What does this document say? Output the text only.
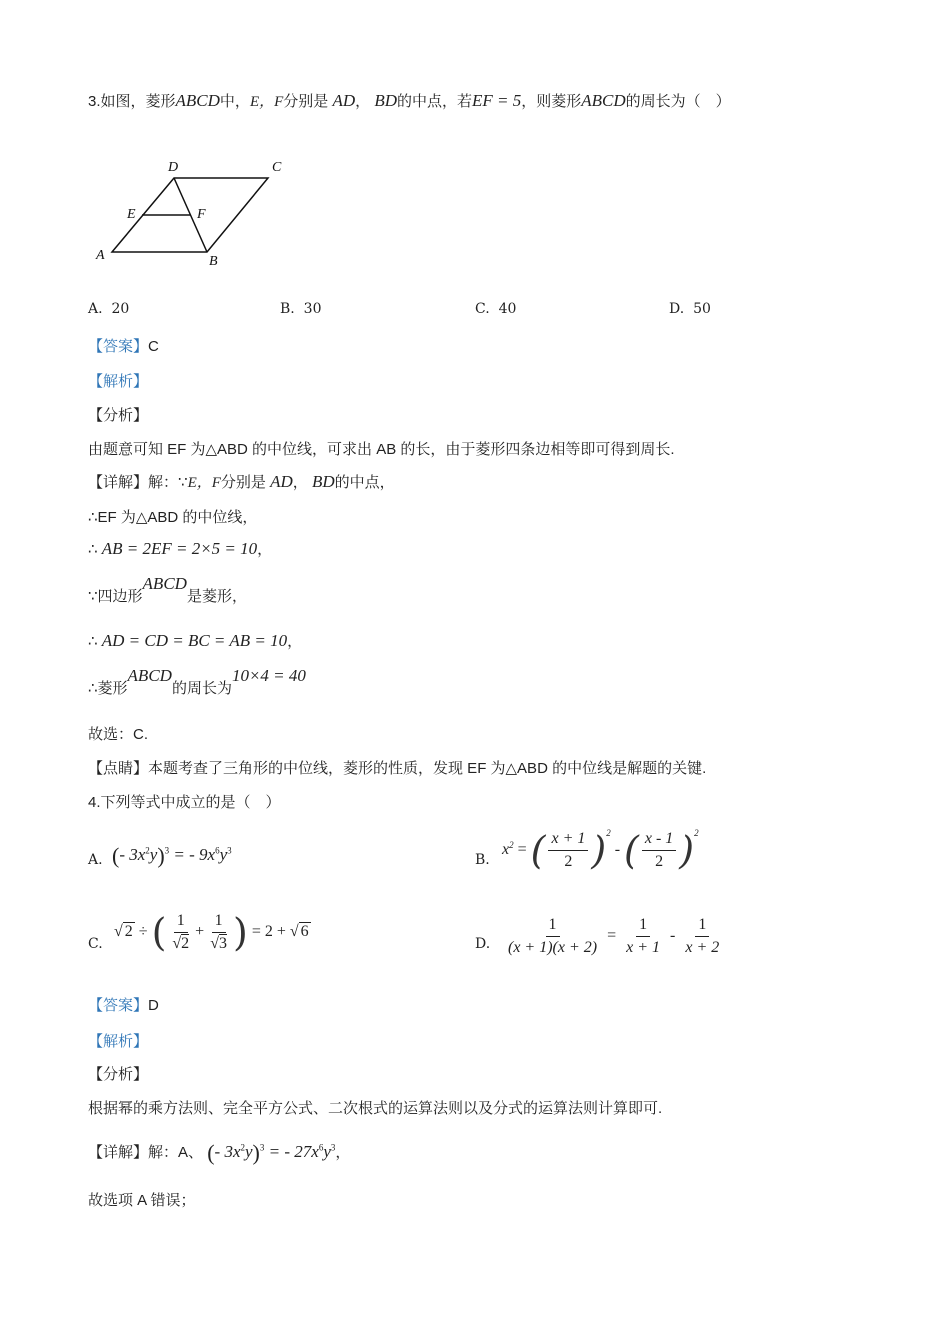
3.如图，菱形ABCD中，E，F分别是 AD， BD的中点，若EF = 5，则菱形ABCD的周长为（　）
D	C
E	F
A	B
A. 20	B. 30	C. 40	D. 50
【答案】C
【解析】
【分析】
由题意可知 EF 为△ABD 的中位线，可求出 AB 的长，由于菱形四条边相等即可得到周长.
【详解】解：∵E，F分别是 AD， BD的中点，
∴EF 为△ABD 的中位线，
∴ AB = 2EF = 2×5 = 10，
∵四边形ABCD是菱形，
∴ AD = CD = BC = AB = 10，
∴菱形ABCD的周长为10×4 = 40
故选：C.
【点睛】本题考查了三角形的中位线，菱形的性质，发现 EF 为△ABD 的中位线是解题的关键.
4.下列等式中成立的是（　）
A. (- $3x^2y)^3$ = - $9x^6y^3$
B.
$x^2$ = ( $\frac{x + 1}{2} )^2$ - ( $\frac{x - 1}{2} )^2$
C.
√ 2 ÷ ( $\frac{1}{√2} + \frac{1}{√3}$ ) = 2 + √ 6
D. $\frac{1}{(x + 1)(x + 2)} = \frac{1}{x + 1} - \frac{1}{x + 2}$
【答案】D
【解析】
【分析】
根据幂的乘方法则、完全平方公式、二次根式的运算法则以及分式的运算法则计算即可.
【详解】解：A、 (- $3x^2y)^3$ = - $27x^6y^3$，
故选项 A 错误；
